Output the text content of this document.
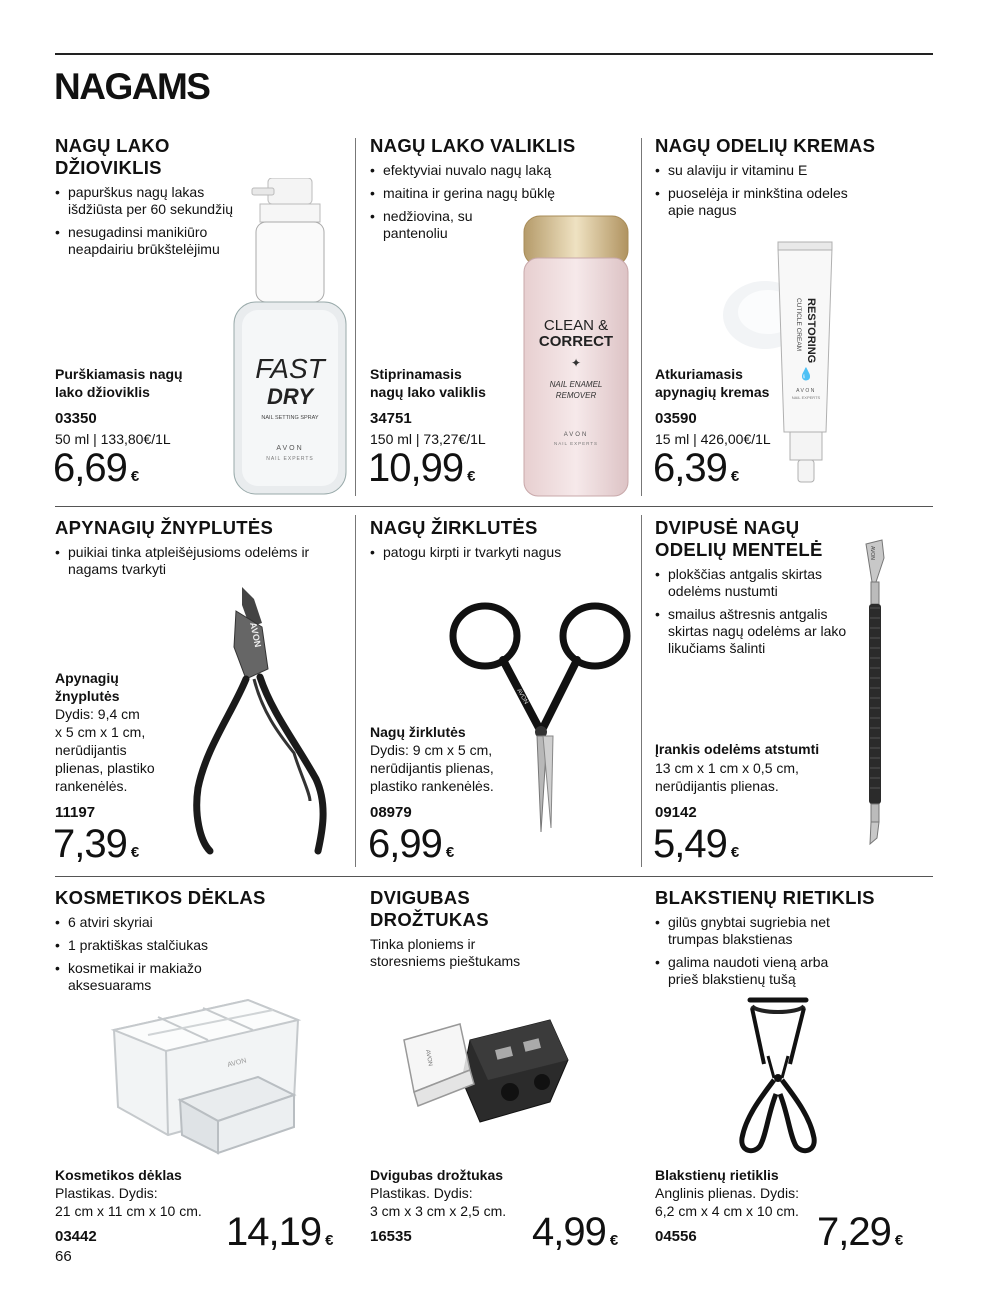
NAGAMS
NAGŲ LAKO
DŽIOVIKLIS
• papurškus nagų lakas išdžiūsta per 60 sekundžių
• nesugadinsi manikiūro neapdairiu brūkštelėjimu
FAST
DRY
NAIL SETTING SPRAY
AVON
NAIL EXPERTS
Purškiamasis nagų
lako džioviklis
03350
50 ml | 133,80€/1L
6,69 €
NAGŲ LAKO VALIKLIS
• efektyviai nuvalo nagų laką
• maitina ir gerina nagų būklę
• nedžiovina, su pantenoliu
CLEAN &
CORRECT
✦
NAIL ENAMEL
REMOVER
AVON
NAIL EXPERTS
Stiprinamasis
nagų lako valiklis
34751
150 ml | 73,27€/1L
10,99 €
NAGŲ ODELIŲ KREMAS
• su alaviju ir vitaminu E
• puoselėja ir minkština odeles apie nagus
RESTORING
CUTICLE CREAM
💧
AVON
NAIL EXPERTS
Atkuriamasis
apynagių kremas
03590
15 ml | 426,00€/1L
6,39 €
APYNAGIŲ ŽNYPLUTĖS
• puikiai tinka atpleišėjusioms odelėms ir nagams tvarkyti
AVON
Apynagių
žnyplutės
Dydis: 9,4 cm
x 5 cm x 1 cm,
nerūdijantis
plienas, plastiko
rankenėlės.
11197
7,39 €
NAGŲ ŽIRKLUTĖS
• patogu kirpti ir tvarkyti nagus
AVON
Nagų žirklutės
Dydis: 9 cm x 5 cm,
nerūdijantis plienas,
plastiko rankenėlės.
08979
6,99 €
DVIPUSĖ NAGŲ
ODELIŲ MENTELĖ
• plokščias antgalis skirtas odelėms nustumti
• smailus aštresnis antgalis skirtas nagų odelėms ar lako likučiams šalinti
AVON
Įrankis odelėms atstumti
13 cm x 1 cm x 0,5 cm,
nerūdijantis plienas.
09142
5,49 €
KOSMETIKOS DĖKLAS
• 6 atviri skyriai
• 1 praktiškas stalčiukas
• kosmetikai ir makiažo aksesuarams
AVON
Kosmetikos dėklas
Plastikas. Dydis:
21 cm x 11 cm x 10 cm.
03442	14,19 €
DVIGUBAS
DROŽTUKAS
Tinka ploniems ir
storesniems pieštukams
AVON
Dvigubas drožtukas
Plastikas. Dydis:
3 cm x 3 cm x 2,5 cm.
16535	4,99 €
BLAKSTIENŲ RIETIKLIS
• gilūs gnybtai sugriebia net trumpas blakstienas
• galima naudoti vieną arba prieš blakstienų tušą
Blakstienų rietiklis
Anglinis plienas. Dydis:
6,2 cm x 4 cm x 10 cm.
04556	7,29 €
66
